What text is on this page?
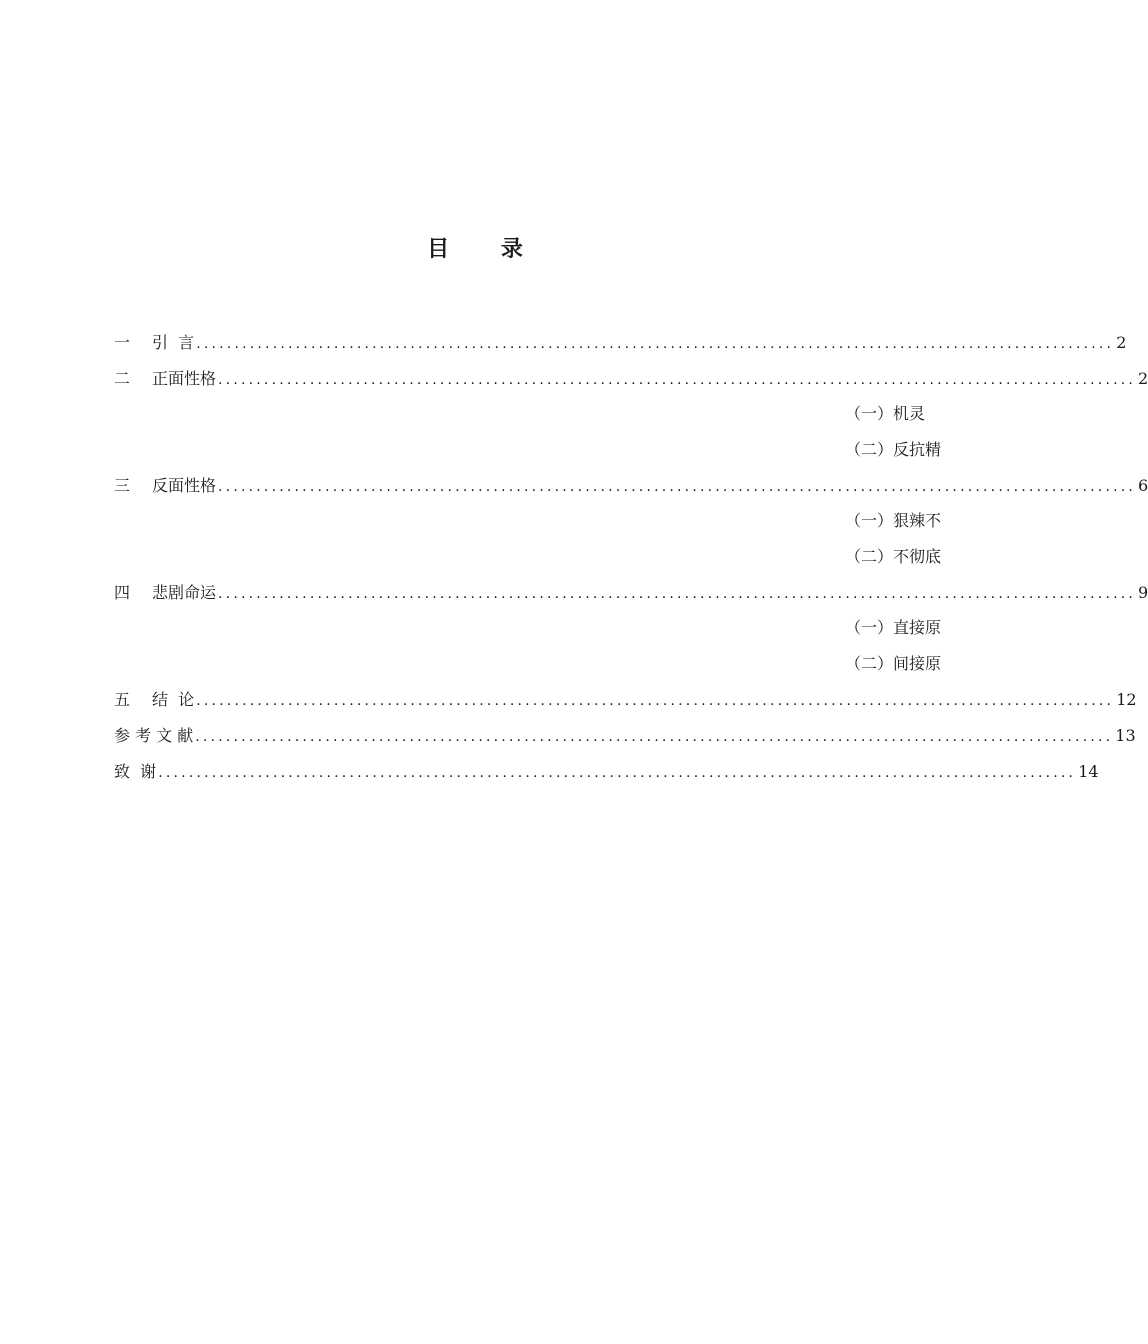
目 录
一	引  言 ........................................................................................................................ 2
二	正面性格 ........................................................................................................................ 2
（一）机灵
（二）反抗精
三	反面性格 ........................................................................................................................ 6
（一）狠辣不
（二）不彻底
四	悲剧命运 ........................................................................................................................ 9
（一）直接原
（二）间接原
五	结  论 ........................................................................................................................ 12
参 考 文 献 ........................................................................................................................ 13
致  谢 ........................................................................................................................ 14
